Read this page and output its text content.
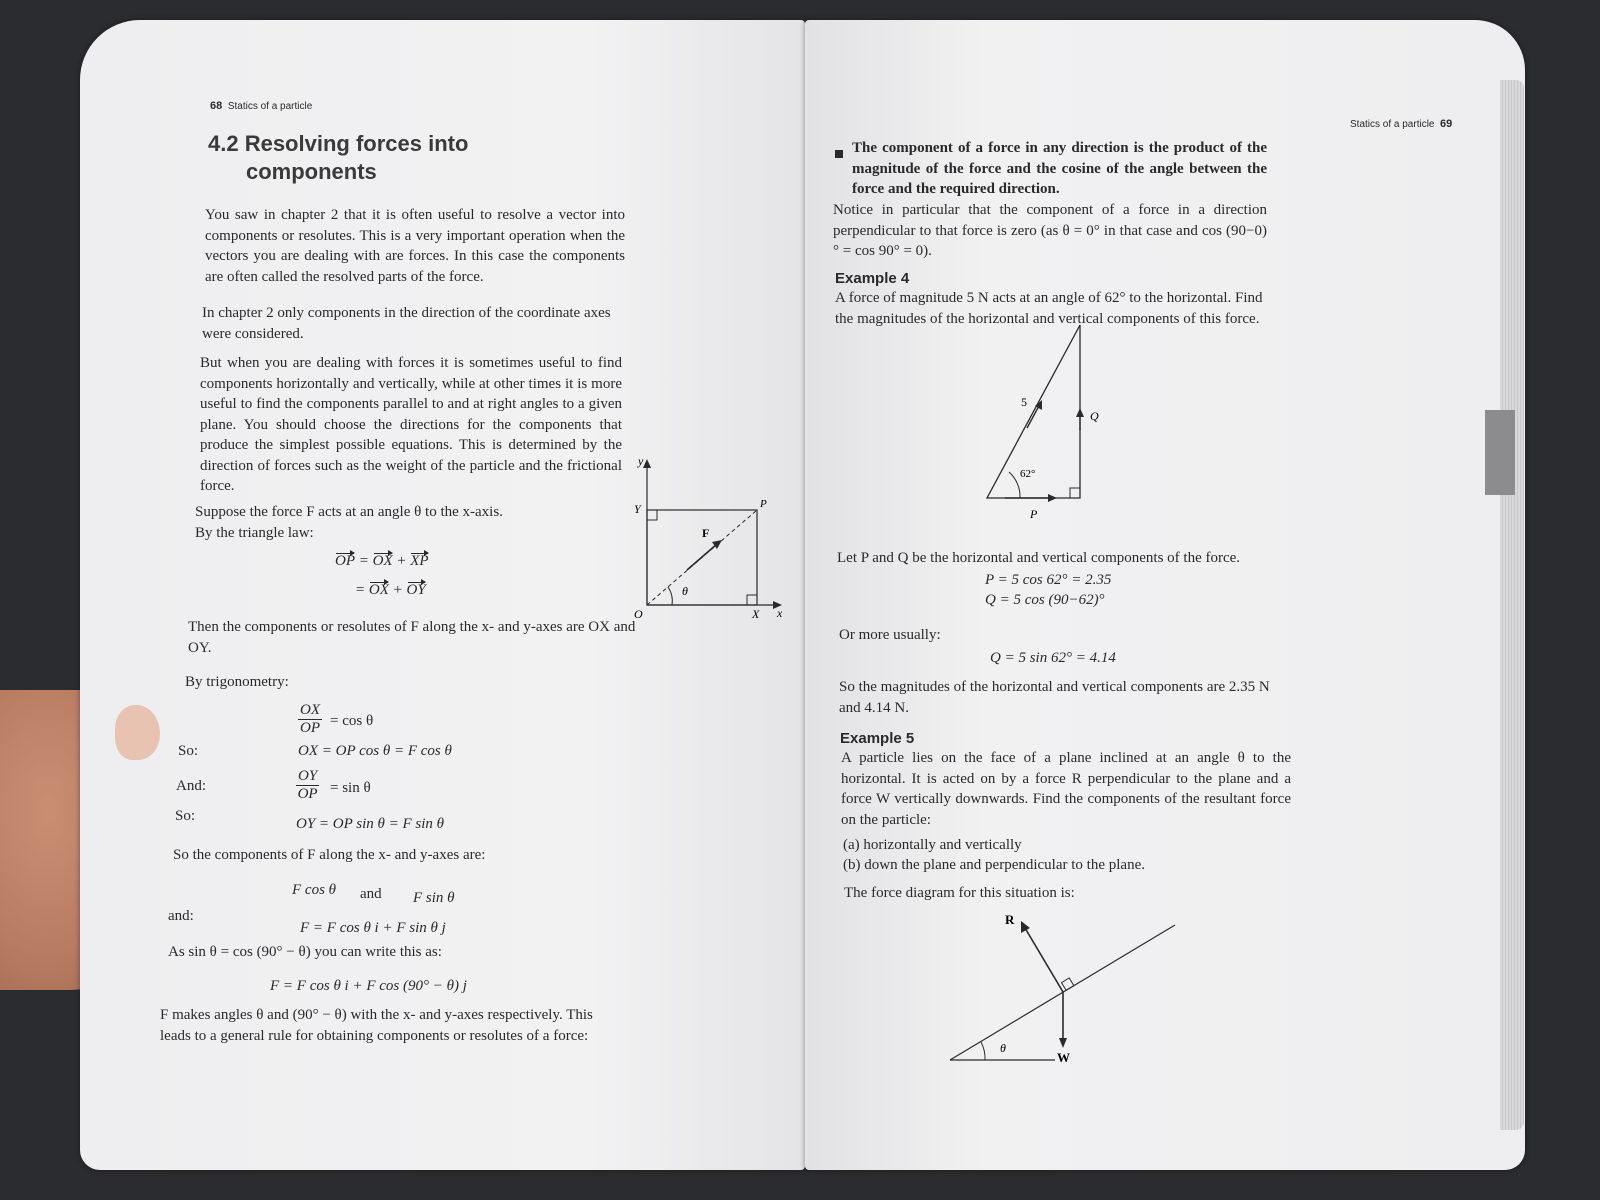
68 Statics of a particle
4.2 Resolving forces into
components
You saw in chapter 2 that it is often useful to resolve a vector into components or resolutes. This is a very important operation when the vectors you are dealing with are forces. In this case the components are often called the resolved parts of the force.
In chapter 2 only components in the direction of the coordinate axes were considered.
But when you are dealing with forces it is sometimes useful to find components horizontally and vertically, while at other times it is more useful to find the components parallel to and at right angles to a given plane. You should choose the directions for the components that produce the simplest possible equations. This is determined by the direction of forces such as the weight of the particle and the frictional force.
Suppose the force F acts at an angle θ to the x-axis.
By the triangle law:
OP = OX + XP
= OX + OY
Then the components or resolutes of F along the x- and y-axes are OX and OY.
By trigonometry:
$\frac{OX}{OP} = \cos \theta$
So:	OX = OP cos θ = F cos θ
And:	$\frac{OY}{OP} = \sin \theta$
So:	OY = OP sin θ = F sin θ
So the components of F along the x- and y-axes are:
F cos θ and F sin θ
and:
F = F cos θ i + F sin θ j
As sin θ = cos (90° − θ) you can write this as:
F = F cos θ i + F cos (90° − θ) j
F makes angles θ and (90° − θ) with the x- and y-axes respectively. This leads to a general rule for obtaining components or resolutes of a force:
y
x
Y	P
F
θ
O	X
Statics of a particle 69
The component of a force in any direction is the product of the magnitude of the force and the cosine of the angle between the force and the required direction.
Notice in particular that the component of a force in a direction perpendicular to that force is zero (as θ = 0° in that case and cos (90−0)° = cos 90° = 0).
Example 4
A force of magnitude 5 N acts at an angle of 62° to the horizontal. Find the magnitudes of the horizontal and vertical components of this force.
5
Q
62°
P
Let P and Q be the horizontal and vertical components of the force.
P = 5 cos 62° = 2.35
Q = 5 cos (90−62)°
Or more usually:
Q = 5 sin 62° = 4.14
So the magnitudes of the horizontal and vertical components are 2.35 N and 4.14 N.
Example 5
A particle lies on the face of a plane inclined at an angle θ to the horizontal. It is acted on by a force R perpendicular to the plane and a force W vertically downwards. Find the components of the resultant force on the particle:
(a) horizontally and vertically
(b) down the plane and perpendicular to the plane.
The force diagram for this situation is:
R
W
θ
